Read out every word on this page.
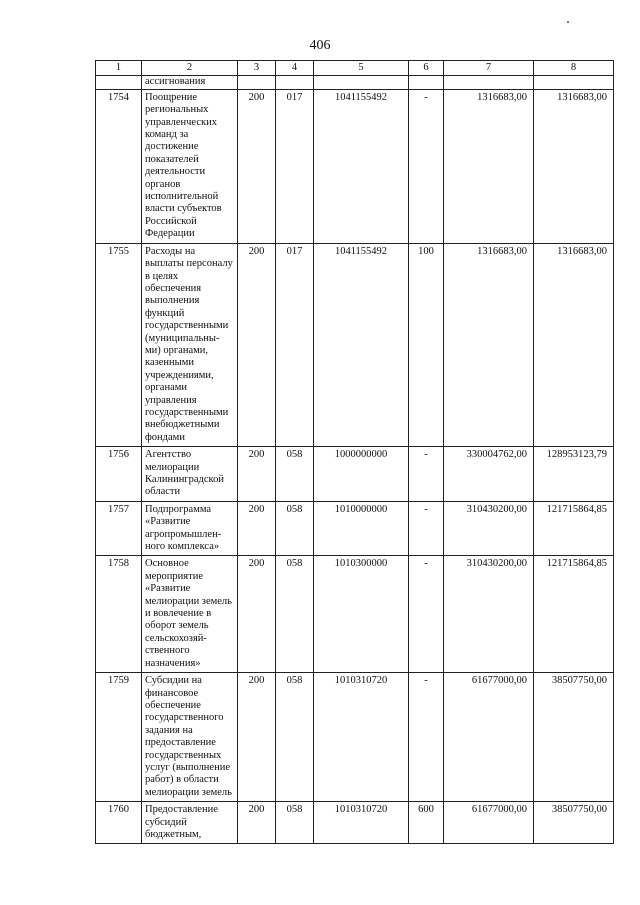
406
1	2	3	4	5	6	7	8
	ассигнования						
1754	Поощрение региональных управленческих команд за достижение показателей деятельности органов исполнительной власти субъектов Российской Федерации	200	017	1041155492	-	1316683,00	1316683,00
1755	Расходы на выплаты персоналу в целях обеспечения выполнения функций государственными (муниципальны-ми) органами, казенными учреждениями, органами управления государственными внебюджетными фондами	200	017	1041155492	100	1316683,00	1316683,00
1756	Агентство мелиорации Калининградской области	200	058	1000000000	-	330004762,00	128953123,79
1757	Подпрограмма «Развитие агропромышлен-ного комплекса»	200	058	1010000000	-	310430200,00	121715864,85
1758	Основное мероприятие «Развитие мелиорации земель и вовлечение в оборот земель сельскохозяй-ственного назначения»	200	058	1010300000	-	310430200,00	121715864,85
1759	Субсидии на финансовое обеспечение государственного задания на предоставление государственных услуг (выполнение работ) в области мелиорации земель	200	058	1010310720	-	61677000,00	38507750,00
1760	Предоставление субсидий бюджетным,	200	058	1010310720	600	61677000,00	38507750,00
